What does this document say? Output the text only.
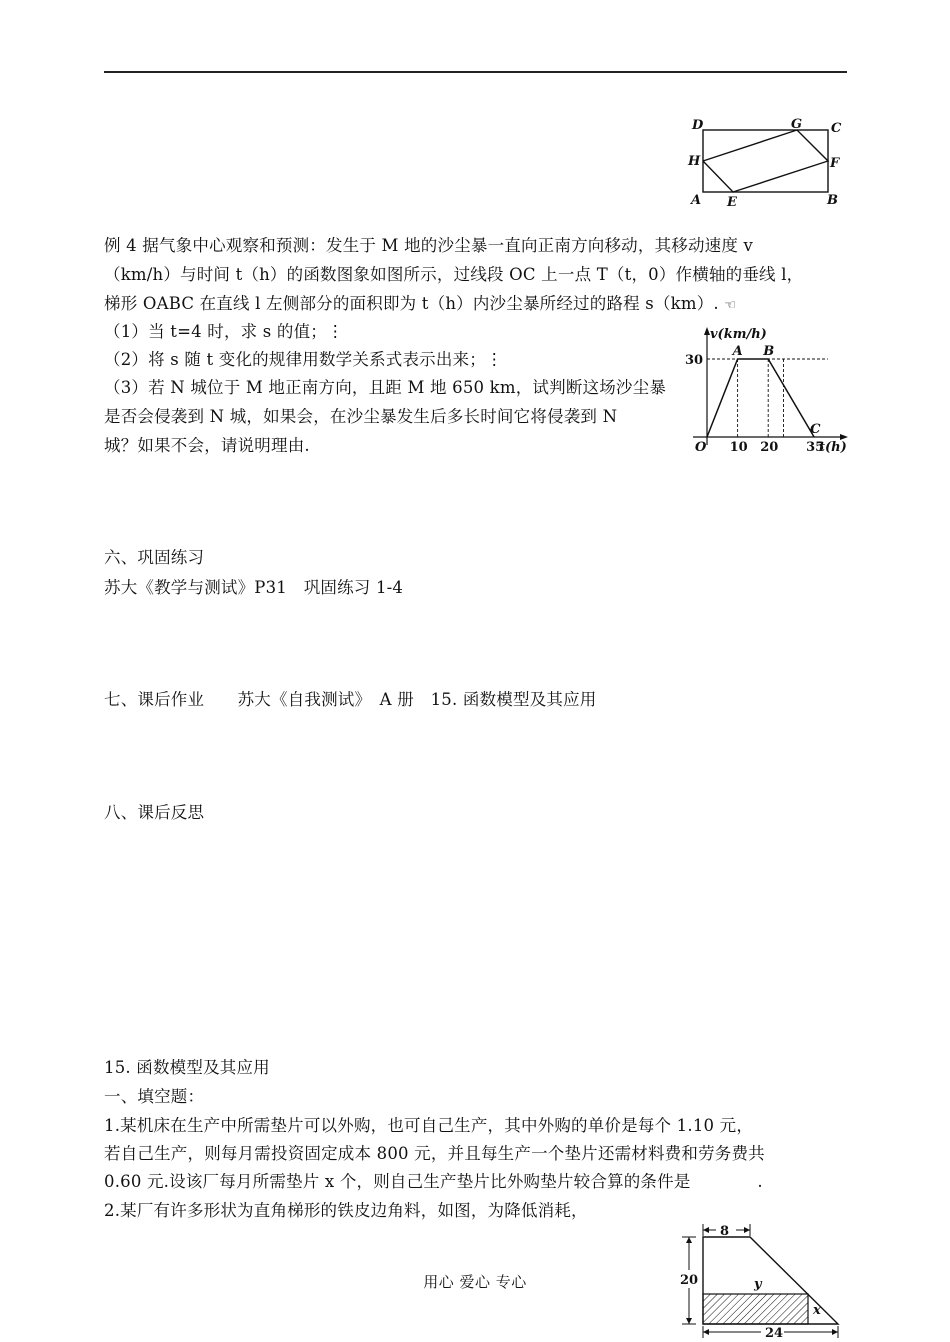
D	G C
H	F
A E	B
例 4 据气象中心观察和预测：发生于 M 地的沙尘暴一直向正南方向移动，其移动速度 v
（km/h）与时间 t（h）的函数图象如图所示，过线段 OC 上一点 T（t，0）作横轴的垂线 l，
梯形 OABC 在直线 l 左侧部分的面积即为 t（h）内沙尘暴所经过的路程 s（km）. ☜
（1）当 t=4 时，求 s 的值；⋮
（2）将 s 随 t 变化的规律用数学关系式表示出来；⋮
（3）若 N 城位于 M 地正南方向，且距 M 地 650 km，试判断这场沙尘暴
是否会侵袭到 N 城，如果会，在沙尘暴发生后多长时间它将侵袭到 N
城？如果不会，请说明理由.
v(km/h)
t(h)
O
A B
C
30
10 20 35
六、巩固练习
苏大《教学与测试》P31　巩固练习 1-4
七、课后作业　　苏大《自我测试》　A 册　15. 函数模型及其应用
八、课后反思
15. 函数模型及其应用
一、填空题：
1.某机床在生产中所需垫片可以外购，也可自己生产，其中外购的单价是每个 1.10 元，
若自己生产，则每月需投资固定成本 800 元，并且每生产一个垫片还需材料费和劳务费共
0.60 元.设该厂每月所需垫片 x 个，则自己生产垫片比外购垫片较合算的条件是　　　　.
2.某厂有许多形状为直角梯形的铁皮边角料，如图，为降低消耗，
8
20	y
x
24
用心 爱心 专心
